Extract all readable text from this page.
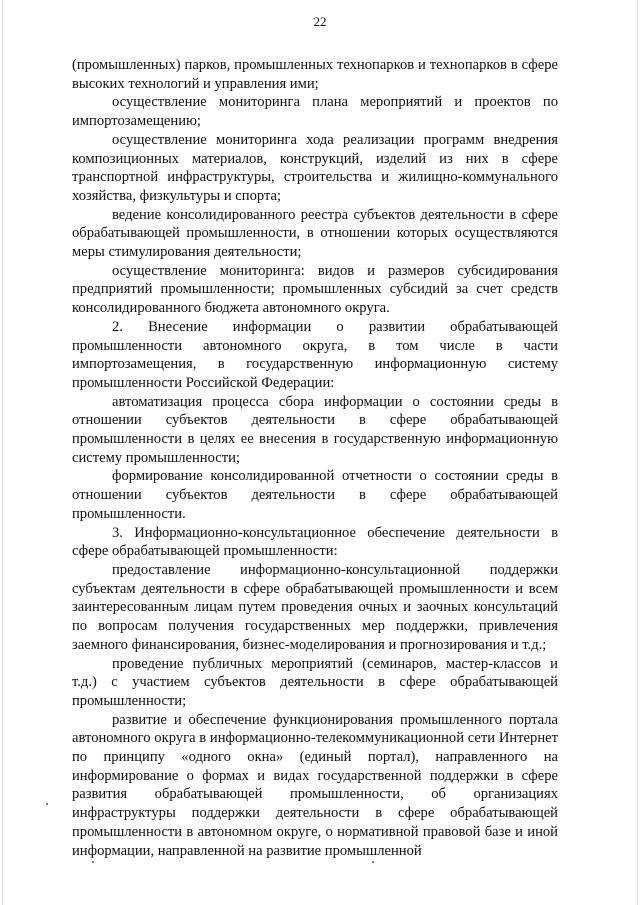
22

(промышленных) парков, промышленных технопарков и технопарков в сфере высоких технологий и управления ими;

осуществление мониторинга плана мероприятий и проектов по импортозамещению;

осуществление мониторинга хода реализации программ внедрения композиционных материалов, конструкций, изделий из них в сфере транспортной инфраструктуры, строительства и жилищно-коммунального хозяйства, физкультуры и спорта;

ведение консолидированного реестра субъектов деятельности в сфере обрабатывающей промышленности, в отношении которых осуществляются меры стимулирования деятельности;

осуществление мониторинга: видов и размеров субсидирования предприятий промышленности; промышленных субсидий за счет средств консолидированного бюджета автономного округа.

2. Внесение информации о развитии обрабатывающей промышленности автономного округа, в том числе в части импортозамещения, в государственную информационную систему промышленности Российской Федерации:

автоматизация процесса сбора информации о состоянии среды в отношении субъектов деятельности в сфере обрабатывающей промышленности в целях ее внесения в государственную информационную систему промышленности;

формирование консолидированной отчетности о состоянии среды в отношении субъектов деятельности в сфере обрабатывающей промышленности.

3. Информационно-консультационное обеспечение деятельности в сфере обрабатывающей промышленности:

предоставление информационно-консультационной поддержки субъектам деятельности в сфере обрабатывающей промышленности и всем заинтересованным лицам путем проведения очных и заочных консультаций по вопросам получения государственных мер поддержки, привлечения заемного финансирования, бизнес-моделирования и прогнозирования и т.д.;

проведение публичных мероприятий (семинаров, мастер-классов и т.д.) с участием субъектов деятельности в сфере обрабатывающей промышленности;

развитие и обеспечение функционирования промышленного портала автономного округа в информационно-телекоммуникационной сети Интернет по принципу «одного окна» (единый портал), направленного на информирование о формах и видах государственной поддержки в сфере развития обрабатывающей промышленности, об организациях инфраструктуры поддержки деятельности в сфере обрабатывающей промышленности в автономном округе, о нормативной правовой базе и иной информации, направленной на развитие промышленной
